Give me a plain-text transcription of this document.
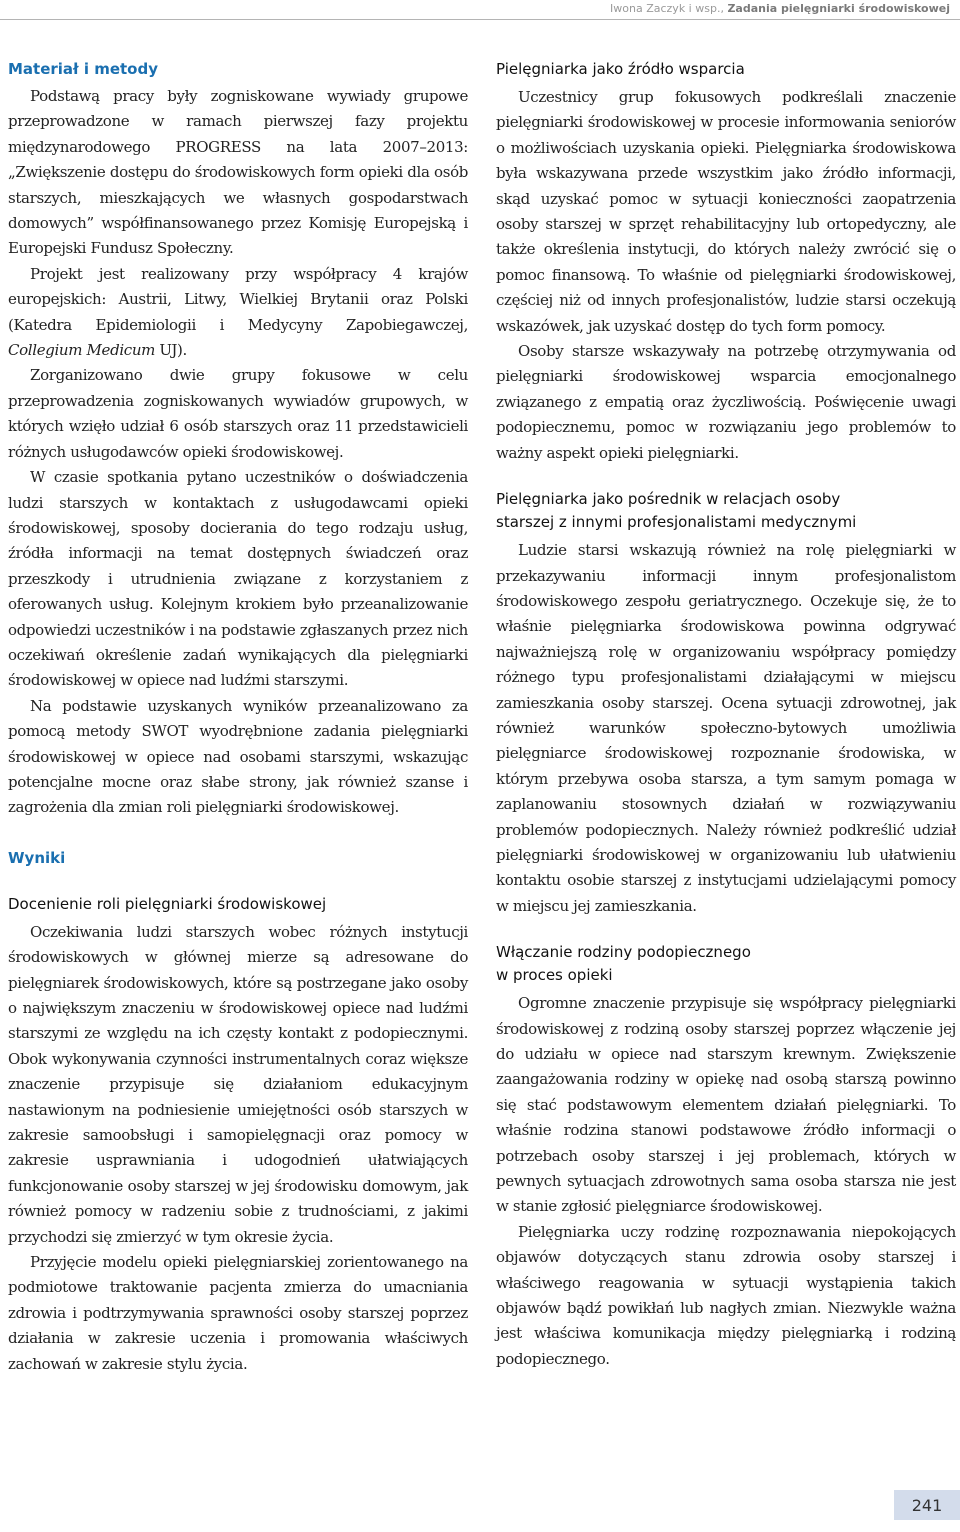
Iwona Zaczyk i wsp., Zadania pielęgniarki środowiskowej
Materiał i metody

Podstawą pracy były zogniskowane wywiady grupowe przeprowadzone w ramach pierwszej fazy projektu międzynarodowego PROGRESS na lata 2007–2013: „Zwiększenie dostępu do środowiskowych form opieki dla osób starszych, mieszkających we własnych gospodarstwach domowych” współfinansowanego przez Komisję Europejską i Europejski Fundusz Społeczny.

Projekt jest realizowany przy współpracy 4 krajów europejskich: Austrii, Litwy, Wielkiej Brytanii oraz Polski (Katedra Epidemiologii i Medycyny Zapobiegawczej, Collegium Medicum UJ).

Zorganizowano dwie grupy fokusowe w celu przeprowadzenia zogniskowanych wywiadów grupowych, w których wzięło udział 6 osób starszych oraz 11 przedstawicieli różnych usługodawców opieki środowiskowej.

W czasie spotkania pytano uczestników o doświadczenia ludzi starszych w kontaktach z usługodawcami opieki środowiskowej, sposoby docierania do tego rodzaju usług, źródła informacji na temat dostępnych świadczeń oraz przeszkody i utrudnienia związane z korzystaniem z oferowanych usług. Kolejnym krokiem było przeanalizowanie odpowiedzi uczestników i na podstawie zgłaszanych przez nich oczekiwań określenie zadań wynikających dla pielęgniarki środowiskowej w opiece nad ludźmi starszymi.

Na podstawie uzyskanych wyników przeanalizowano za pomocą metody SWOT wyodrębnione zadania pielęgniarki środowiskowej w opiece nad osobami starszymi, wskazując potencjalne mocne oraz słabe strony, jak również szanse i zagrożenia dla zmian roli pielęgniarki środowiskowej.

Wyniki
Docenienie roli pielęgniarki środowiskowej

Oczekiwania ludzi starszych wobec różnych instytucji środowiskowych w głównej mierze są adresowane do pielęgniarek środowiskowych, które są postrzegane jako osoby o największym znaczeniu w środowiskowej opiece nad ludźmi starszymi ze względu na ich częsty kontakt z podopiecznymi. Obok wykonywania czynności instrumentalnych coraz większe znaczenie przypisuje się działaniom edukacyjnym nastawionym na podniesienie umiejętności osób starszych w zakresie samoobsługi i samopielęgnacji oraz pomocy w zakresie usprawniania i udogodnień ułatwiających funkcjonowanie osoby starszej w jej środowisku domowym, jak również pomocy w radzeniu sobie z trudnościami, z jakimi przychodzi się zmierzyć w tym okresie życia.

Przyjęcie modelu opieki pielęgniarskiej zorientowanego na podmiotowe traktowanie pacjenta zmierza do umacniania zdrowia i podtrzymywania sprawności osoby starszej poprzez działania w zakresie uczenia i promowania właściwych zachowań w zakresie stylu życia.

Pielęgniarka jako źródło wsparcia

Uczestnicy grup fokusowych podkreślali znaczenie pielęgniarki środowiskowej w procesie informowania seniorów o możliwościach uzyskania opieki. Pielęgniarka środowiskowa była wskazywana przede wszystkim jako źródło informacji, skąd uzyskać pomoc w sytuacji konieczności zaopatrzenia osoby starszej w sprzęt rehabilitacyjny lub ortopedyczny, ale także określenia instytucji, do których należy zwrócić się o pomoc finansową. To właśnie od pielęgniarki środowiskowej, częściej niż od innych profesjonalistów, ludzie starsi oczekują wskazówek, jak uzyskać dostęp do tych form pomocy.

Osoby starsze wskazywały na potrzebę otrzymywania od pielęgniarki środowiskowej wsparcia emocjonalnego związanego z empatią oraz życzliwością. Poświęcenie uwagi podopiecznemu, pomoc w rozwiązaniu jego problemów to ważny aspekt opieki pielęgniarki.

Pielęgniarka jako pośrednik w relacjach osoby
starszej z innymi profesjonalistami medycznymi

Ludzie starsi wskazują również na rolę pielęgniarki w przekazywaniu informacji innym profesjonalistom środowiskowego zespołu geriatrycznego. Oczekuje się, że to właśnie pielęgniarka środowiskowa powinna odgrywać najważniejszą rolę w organizowaniu współpracy pomiędzy różnego typu profesjonalistami działającymi w miejscu zamieszkania osoby starszej. Ocena sytuacji zdrowotnej, jak również warunków społeczno-bytowych umożliwia pielęgniarce środowiskowej rozpoznanie środowiska, w którym przebywa osoba starsza, a tym samym pomaga w zaplanowaniu stosownych działań w rozwiązywaniu problemów podopiecznych. Należy również podkreślić udział pielęgniarki środowiskowej w organizowaniu lub ułatwieniu kontaktu osobie starszej z instytucjami udzielającymi pomocy w miejscu jej zamieszkania.

Włączanie rodziny podopiecznego
w proces opieki

Ogromne znaczenie przypisuje się współpracy pielęgniarki środowiskowej z rodziną osoby starszej poprzez włączenie jej do udziału w opiece nad starszym krewnym. Zwiększenie zaangażowania rodziny w opiekę nad osobą starszą powinno się stać podstawowym elementem działań pielęgniarki. To właśnie rodzina stanowi podstawowe źródło informacji o potrzebach osoby starszej i jej problemach, których w pewnych sytuacjach zdrowotnych sama osoba starsza nie jest w stanie zgłosić pielęgniarce środowiskowej.

Pielęgniarka uczy rodzinę rozpoznawania niepokojących objawów dotyczących stanu zdrowia osoby starszej i właściwego reagowania w sytuacji wystąpienia takich objawów bądź powikłań lub nagłych zmian. Niezwykle ważna jest właściwa komunikacja między pielęgniarką i rodziną podopiecznego.

241
